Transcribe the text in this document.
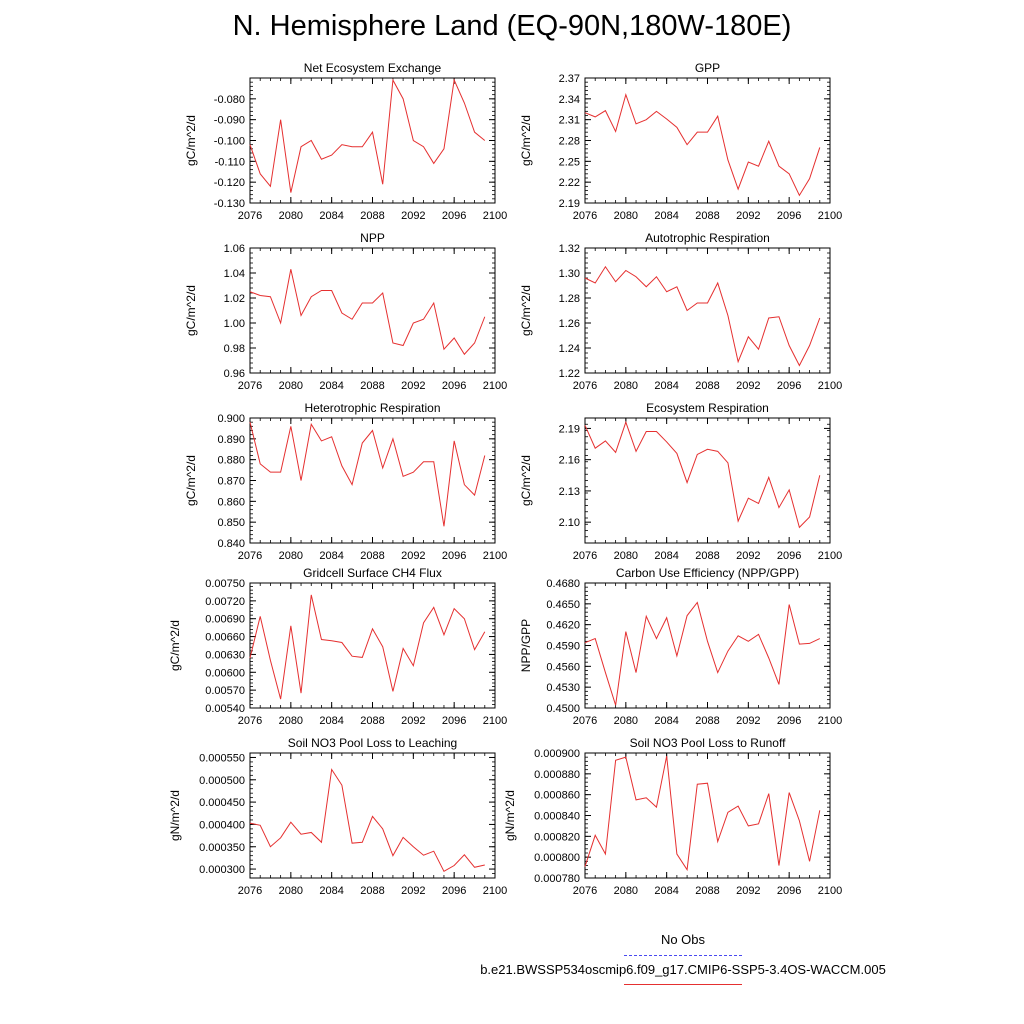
N. Hemisphere Land (EQ-90N,180W-180E)
Net Ecosystem Exchange
2076 2080 2084 2088 2092 2096 2100
-0.130
-0.120
-0.110
-0.100
-0.090
-0.080
gC/m^2/d
GPP
2076 2080 2084 2088 2092 2096 2100
2.19
2.22
2.25
2.28
2.31
2.34
2.37
gC/m^2/d
NPP
2076 2080 2084 2088 2092 2096 2100
0.96
0.98
1.00
1.02
1.04
1.06
gC/m^2/d
Autotrophic Respiration
2076 2080 2084 2088 2092 2096 2100
1.22
1.24
1.26
1.28
1.30
1.32
gC/m^2/d
Heterotrophic Respiration
2076 2080 2084 2088 2092 2096 2100
0.840
0.850
0.860
0.870
0.880
0.890
0.900
gC/m^2/d
Ecosystem Respiration
2076 2080 2084 2088 2092 2096 2100
2.10
2.13
2.16
2.19
gC/m^2/d
Gridcell Surface CH4 Flux
2076 2080 2084 2088 2092 2096 2100
0.00540
0.00570
0.00600
0.00630
0.00660
0.00690
0.00720
0.00750
gC/m^2/d
Carbon Use Efficiency (NPP/GPP)
2076 2080 2084 2088 2092 2096 2100
0.4500
0.4530
0.4560
0.4590
0.4620
0.4650
0.4680
NPP/GPP
Soil NO3 Pool Loss to Leaching
2076 2080 2084 2088 2092 2096 2100
0.000300
0.000350
0.000400
0.000450
0.000500
0.000550
gN/m^2/d
Soil NO3 Pool Loss to Runoff
2076 2080 2084 2088 2092 2096 2100
0.000780
0.000800
0.000820
0.000840
0.000860
0.000880
0.000900
gN/m^2/d
No Obs
b.e21.BWSSP534oscmip6.f09_g17.CMIP6-SSP5-3.4OS-WACCM.005
